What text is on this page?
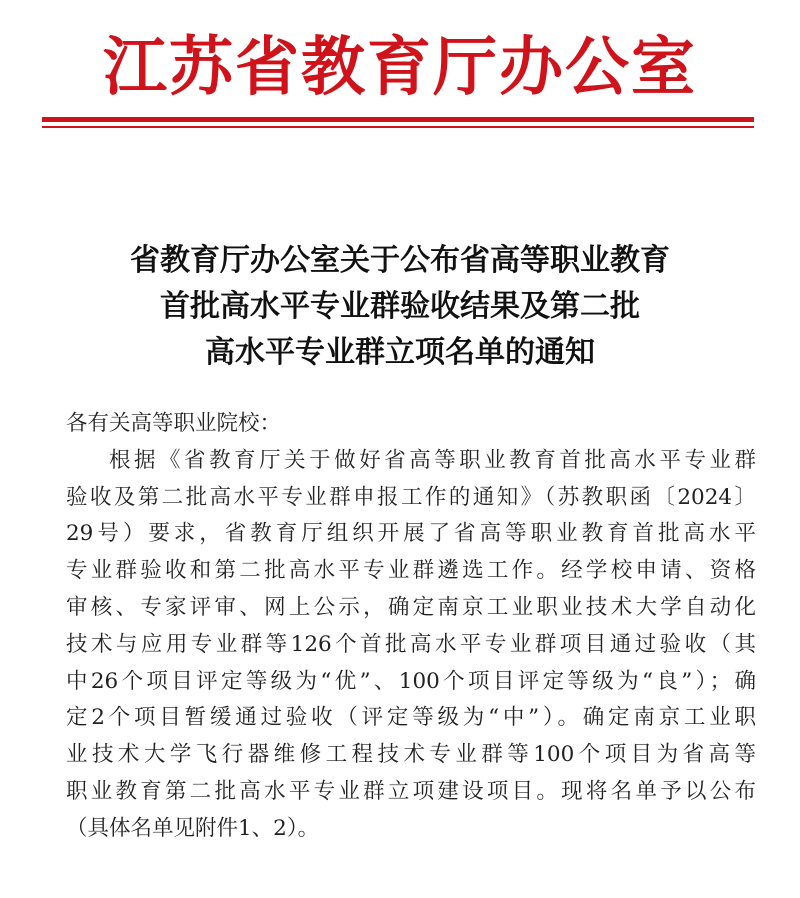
江苏省教育厅办公室
省教育厅办公室关于公布省高等职业教育
首批高水平专业群验收结果及第二批
高水平专业群立项名单的通知
各有关高等职业院校：
根据《省教育厅关于做好省高等职业教育首批高水平专业群
验收及第二批高水平专业群申报工作的通知》（苏教职函〔2024〕
29号）要求，省教育厅组织开展了省高等职业教育首批高水平
专业群验收和第二批高水平专业群遴选工作。经学校申请、资格
审核、专家评审、网上公示，确定南京工业职业技术大学自动化
技术与应用专业群等126个首批高水平专业群项目通过验收（其
中26个项目评定等级为“优”、100个项目评定等级为“良”）；确
定2个项目暂缓通过验收（评定等级为“中”）。确定南京工业职
业技术大学飞行器维修工程技术专业群等100个项目为省高等
职业教育第二批高水平专业群立项建设项目。现将名单予以公布
（具体名单见附件1、2）。
